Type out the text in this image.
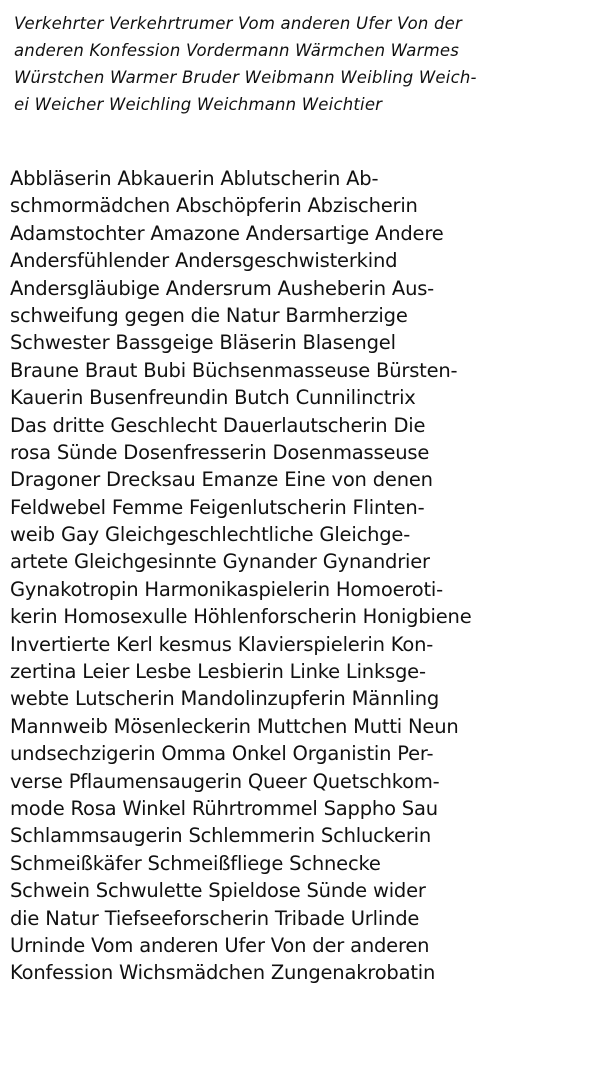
Verkehrter Verkehrtrumer Vom anderen Ufer Von der
anderen Konfession Vordermann Wärmchen Warmes
Würstchen Warmer Bruder Weibmann Weibling Weich-
ei Weicher Weichling Weichmann Weichtier
Abbläserin Abkauerin Ablutscherin Ab-
schmormädchen Abschöpferin Abzischerin
Adamstochter Amazone Andersartige Andere
Andersfühlender Andersgeschwisterkind
Andersgläubige Andersrum Ausheberin Aus-
schweifung gegen die Natur Barmherzige
Schwester Bassgeige Bläserin Blasengel
Braune Braut Bubi Büchsenmasseuse Bürsten-
Kauerin Busenfreundin Butch Cunnilinctrix
Das dritte Geschlecht Dauerlautscherin Die
rosa Sünde Dosenfresserin Dosenmasseuse
Dragoner Drecksau Emanze Eine von denen
Feldwebel Femme Feigenlutscherin Flinten-
weib Gay Gleichgeschlechtliche Gleichge-
artete Gleichgesinnte Gynander Gynandrier
Gynakotropin Harmonikaspielerin Homoeroti-
kerin Homosexulle Höhlenforscherin Honigbiene
Invertierte Kerl kesmus Klavierspielerin Kon-
zertina Leier Lesbe Lesbierin Linke Linksge-
webte Lutscherin Mandolinzupferin Männling
Mannweib Mösenleckerin Muttchen Mutti Neun
undsechzigerin Omma Onkel Organistin Per-
verse Pflaumensaugerin Queer Quetschkom-
mode Rosa Winkel Rührtrommel Sappho Sau
Schlammsaugerin Schlemmerin Schluckerin
Schmeißkäfer Schmeißfliege Schnecke
Schwein Schwulette Spieldose Sünde wider
die Natur Tiefseeforscherin Tribade Urlinde
Urninde Vom anderen Ufer Von der anderen
Konfession Wichsmädchen Zungenakrobatin
